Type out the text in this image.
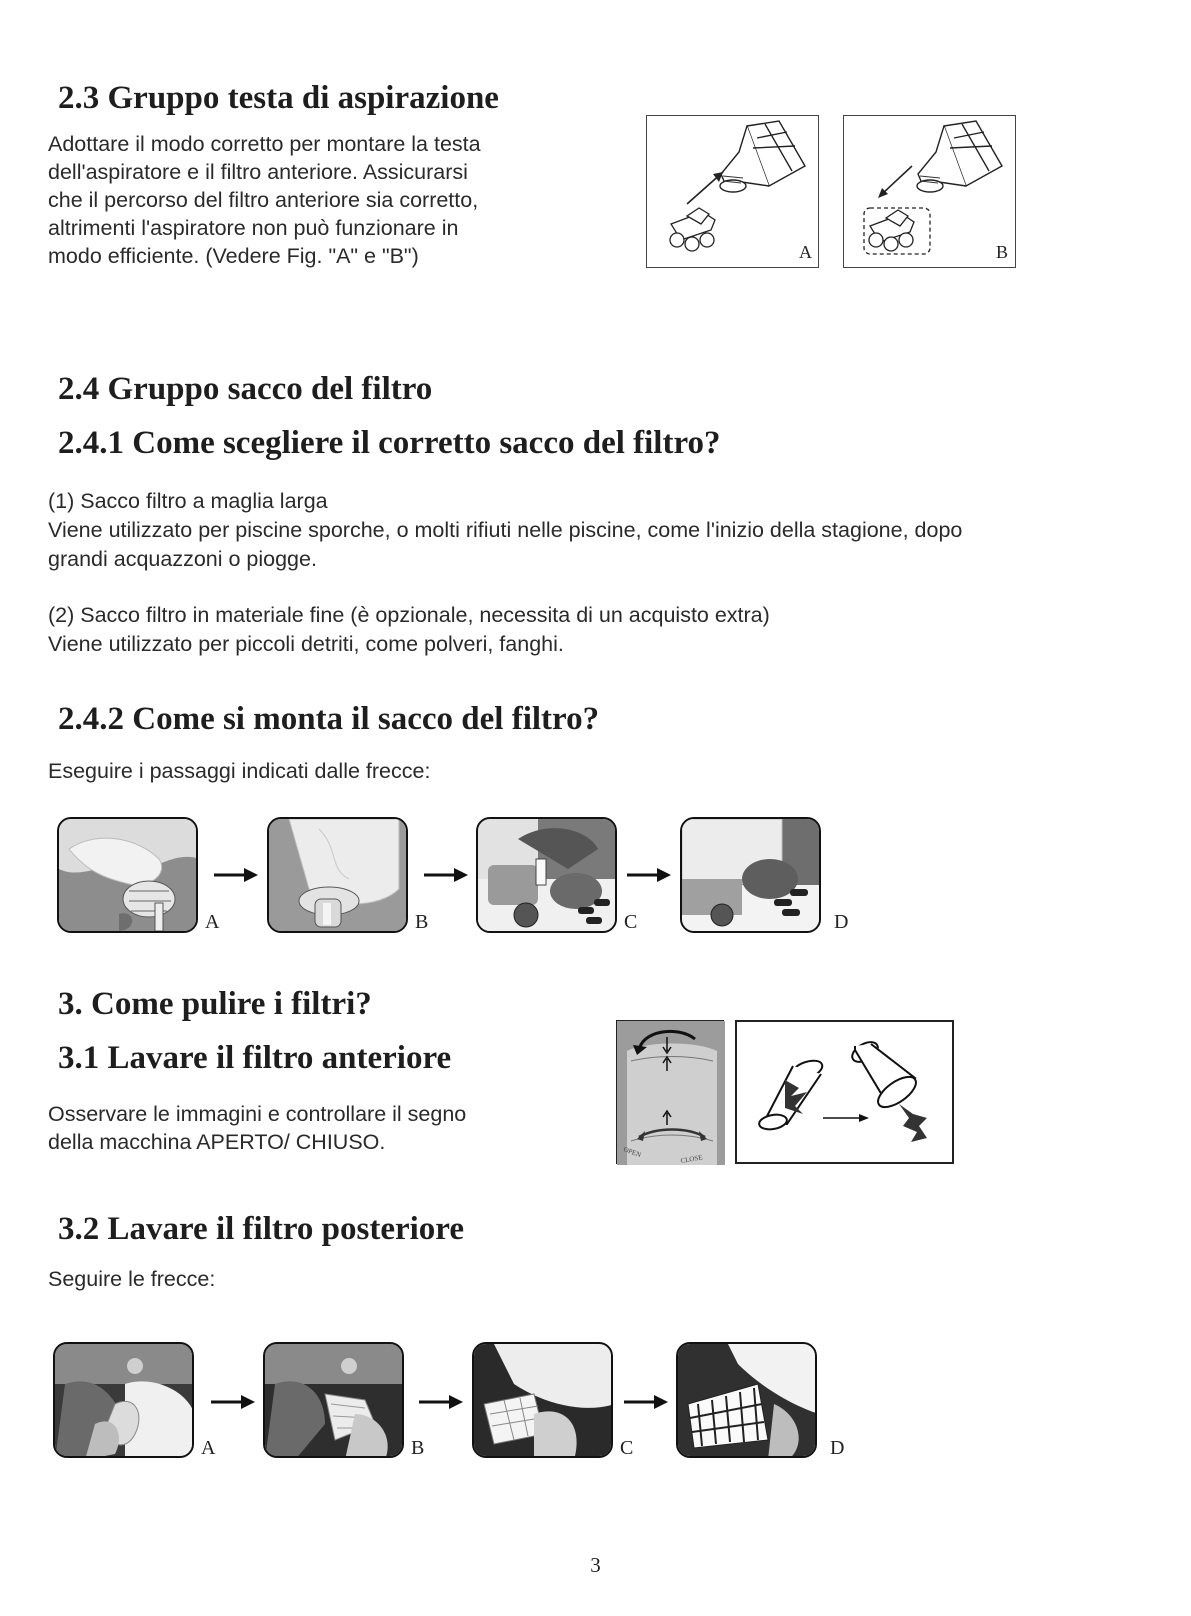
2.3 Gruppo testa di aspirazione

Adottare il modo corretto per montare la testa

dell'aspiratore e il filtro anteriore. Assicurarsi

che il percorso del filtro anteriore sia corretto,

altrimenti l'aspiratore non può funzionare in

modo efficiente. (Vedere Fig. "A" e "B")	A	B
2.4 Gruppo sacco del filtro
2.4.1 Come scegliere il corretto sacco del filtro?

(1) Sacco filtro a maglia larga

Viene utilizzato per piscine sporche, o molti rifiuti nelle piscine, come l'inizio della stagione, dopo

grandi acquazzoni o piogge.

(2) Sacco filtro in materiale fine (è opzionale, necessita di un acquisto extra)

Viene utilizzato per piccoli detriti, come polveri, fanghi.

2.4.2 Come si monta il sacco del filtro?

Eseguire i passaggi indicati dalle frecce:

A	B	C	D
3. Come pulire i filtri?
3.1 Lavare il filtro anteriore

Osservare le immagini e controllare il segno

della macchina APERTO/ CHIUSO.	OPEN	CLOSE
3.2 Lavare il filtro posteriore

Seguire le frecce:

A	B	C	D
3
